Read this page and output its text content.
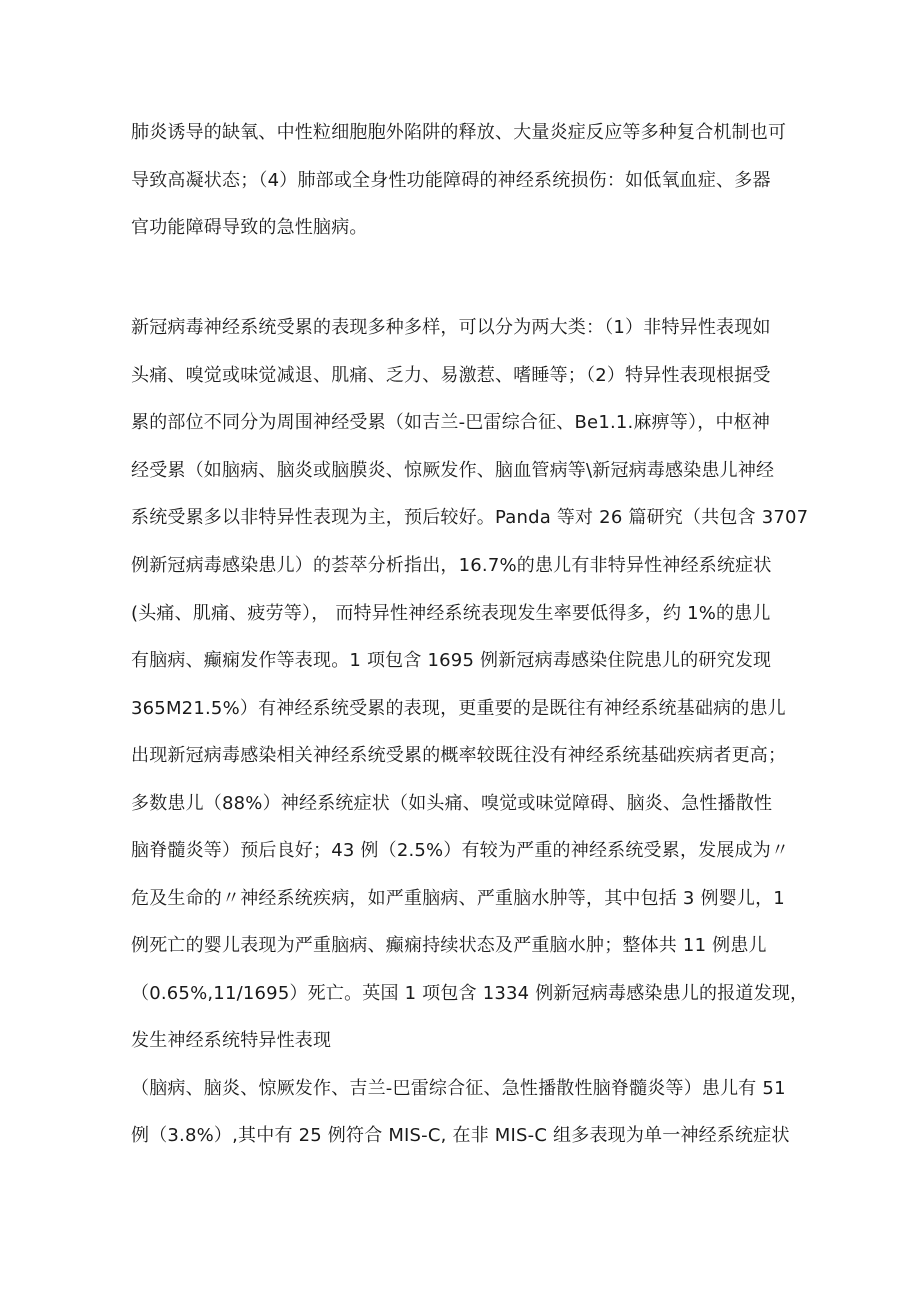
肺炎诱导的缺氧、中性粒细胞胞外陷阱的释放、大量炎症反应等多种复合机制也可
导致高凝状态；（4）肺部或全身性功能障碍的神经系统损伤：如低氧血症、多器
官功能障碍导致的急性脑病。
新冠病毒神经系统受累的表现多种多样，可以分为两大类：（1）非特异性表现如
头痛、嗅觉或味觉减退、肌痛、乏力、易激惹、嗜睡等；（2）特异性表现根据受
累的部位不同分为周围神经受累（如吉兰-巴雷综合征、Be1.1.麻痹等），中枢神
经受累（如脑病、脑炎或脑膜炎、惊厥发作、脑血管病等\新冠病毒感染患儿神经
系统受累多以非特异性表现为主，预后较好。Panda 等对 26 篇研究（共包含 3707
例新冠病毒感染患儿）的荟萃分析指出，16.7%的患儿有非特异性神经系统症状
(头痛、肌痛、疲劳等）， 而特异性神经系统表现发生率要低得多，约 1%的患儿
有脑病、癫痫发作等表现。1 项包含 1695 例新冠病毒感染住院患儿的研究发现
365M21.5%）有神经系统受累的表现，更重要的是既往有神经系统基础病的患儿
出现新冠病毒感染相关神经系统受累的概率较既往没有神经系统基础疾病者更高；
多数患儿（88%）神经系统症状（如头痛、嗅觉或味觉障碍、脑炎、急性播散性
脑脊髓炎等）预后良好；43 例（2.5%）有较为严重的神经系统受累，发展成为〃
危及生命的〃神经系统疾病，如严重脑病、严重脑水肿等，其中包括 3 例婴儿，1
例死亡的婴儿表现为严重脑病、癫痫持续状态及严重脑水肿；整体共 11 例患儿
（0.65%,11/1695）死亡。英国 1 项包含 1334 例新冠病毒感染患儿的报道发现，
发生神经系统特异性表现
（脑病、脑炎、惊厥发作、吉兰-巴雷综合征、急性播散性脑脊髓炎等）患儿有 51
例（3.8%）,其中有 25 例符合 MIS-C, 在非 MIS-C 组多表现为单一神经系统症状
